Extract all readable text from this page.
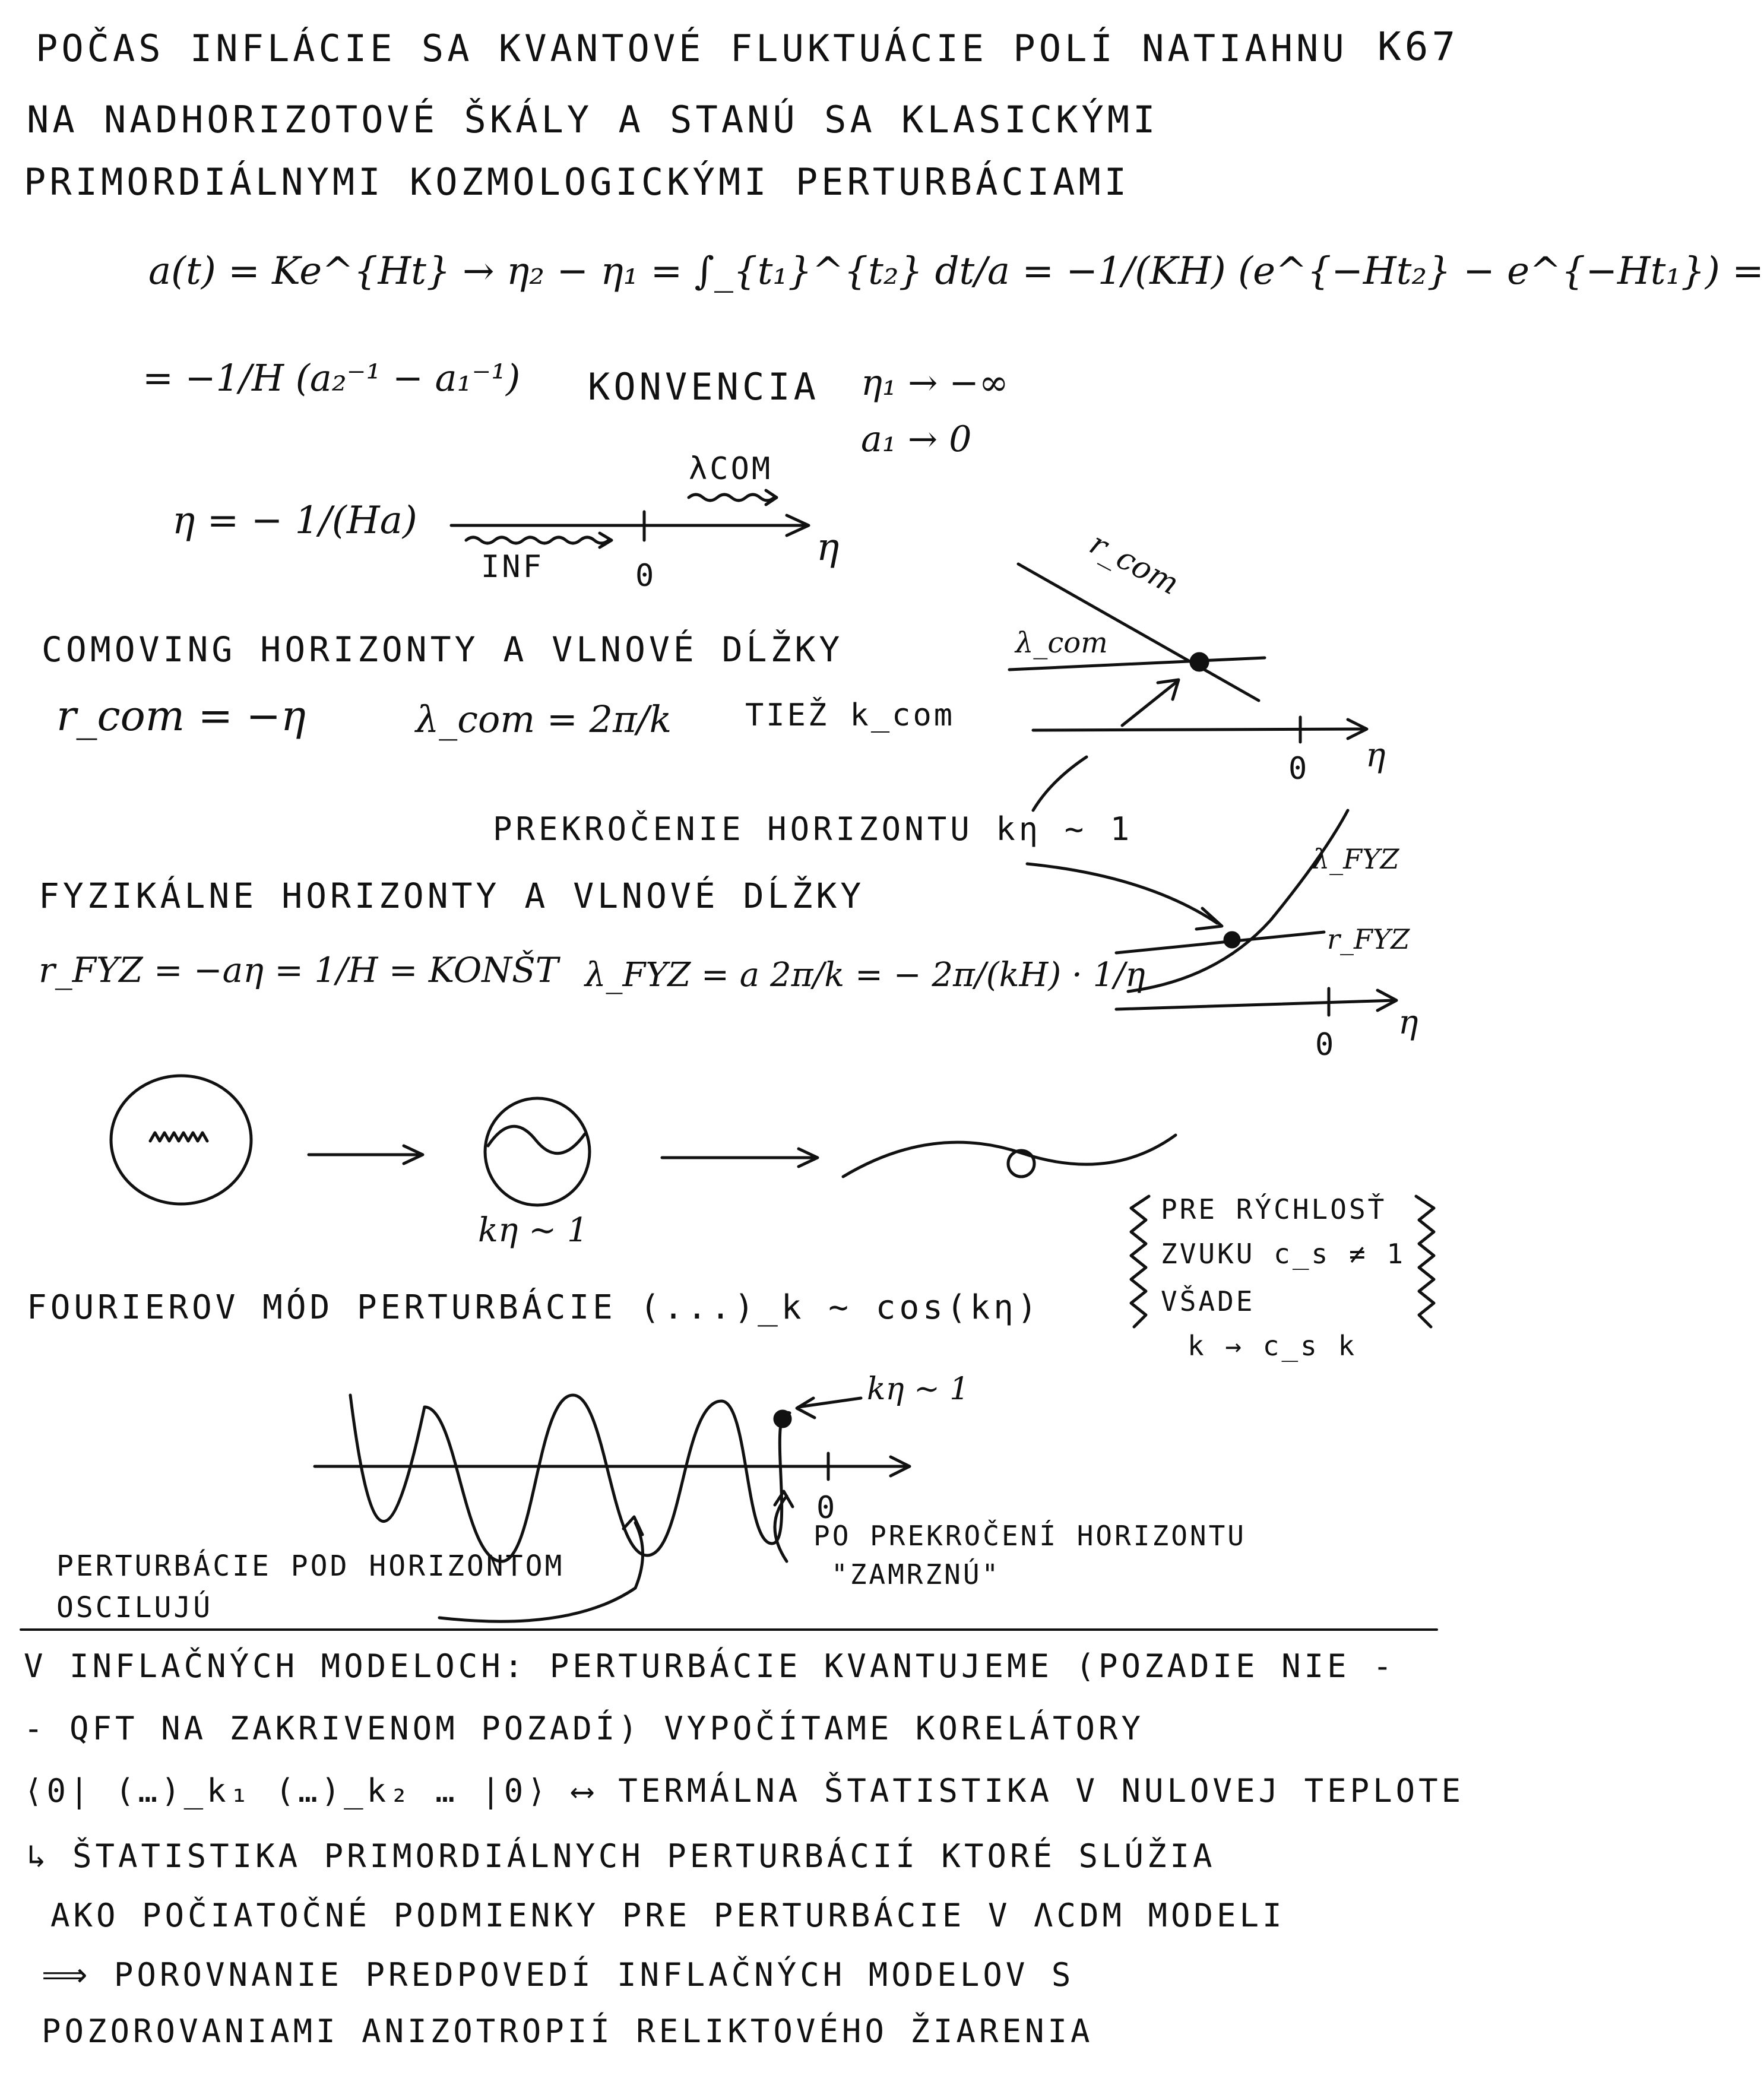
K67
POČAS INFLÁCIE SA KVANTOVÉ FLUKTUÁCIE POLÍ NATIAHNU
NA NADHORIZOTOVÉ ŠKÁLY A STANÚ SA KLASICKÝMI
PRIMORDIÁLNYMI KOZMOLOGICKÝMI PERTURBÁCIAMI
a(t) = Ke^{Ht} → η₂ − η₁ = ∫_{t₁}^{t₂} dt/a = −1/(KH) (e^{−Ht₂} − e^{−Ht₁}) =
= −1/H (a₂⁻¹ − a₁⁻¹) KONVENCIA η₁ → −∞
a₁ → 0
η = − 1/(Ha)
INF
λCOM
0
η
COMOVING HORIZONTY A VLNOVÉ DĹŽKY
r_com = −η	λ_com = 2π/k TIEŽ k_com
r_com
λ_com
0 η
PREKROČENIE HORIZONTU kη ~ 1
FYZIKÁLNE HORIZONTY A VLNOVÉ DĹŽKY
r_FYZ = −aη = 1/H = KONŠT λ_FYZ = a 2π/k = − 2π/(kH) · 1/η
λ_FYZ
r_FYZ
0
η
kη ~ 1
PRE RÝCHLOSŤ
ZVUKU c_s ≠ 1
VŠADE
k → c_s k
FOURIEROV MÓD PERTURBÁCIE (...)_k ~ cos(kη)
kη ~ 1
0
PERTURBÁCIE POD HORIZONTOM
OSCILUJÚ
PO PREKROČENÍ HORIZONTU
"ZAMRZNÚ"
V INFLAČNÝCH MODELOCH: PERTURBÁCIE KVANTUJEME (POZADIE NIE -
- QFT NA ZAKRIVENOM POZADÍ) VYPOČÍTAME KORELÁTORY
⟨0| (…)_k₁ (…)_k₂ … |0⟩ ⟷ TERMÁLNA ŠTATISTIKA V NULOVEJ TEPLOTE
↳ ŠTATISTIKA PRIMORDIÁLNYCH PERTURBÁCIÍ KTORÉ SLÚŽIA
AKO POČIATOČNÉ PODMIENKY PRE PERTURBÁCIE V ΛCDM MODELI
⟹ POROVNANIE PREDPOVEDÍ INFLAČNÝCH MODELOV S
POZOROVANIAMI ANIZOTROPIÍ RELIKTOVÉHO ŽIARENIA
